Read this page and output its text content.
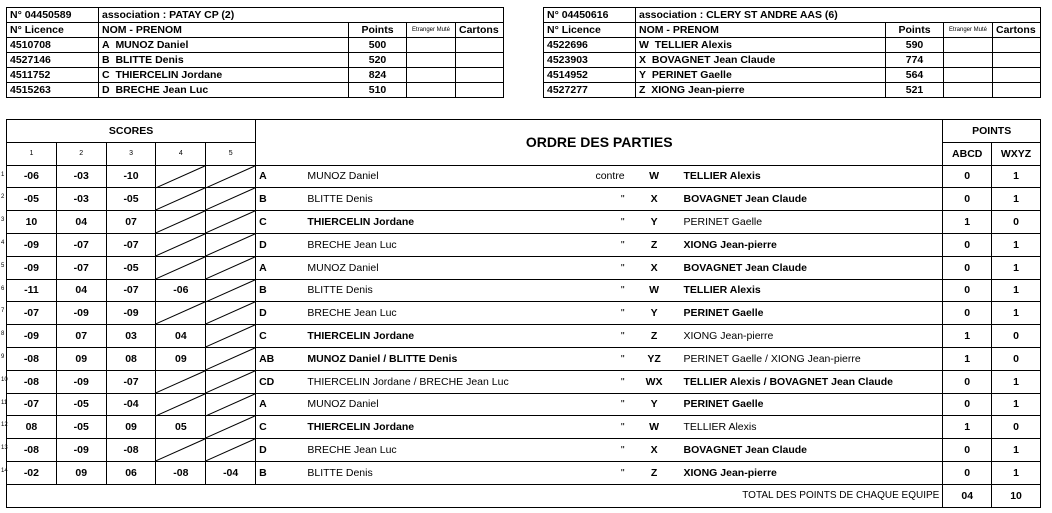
N° 04450589	association : PATAY CP (2)			
N° Licence	NOM - PRENOM	Points	Etranger Muté	Cartons
4510708	A MUNOZ Daniel	500		
4527146	B BLITTE Denis	520		
4511752	C THIERCELIN Jordane	824		
4515263	D BRECHE Jean Luc	510		
N° 04450616	association : CLERY ST ANDRE AAS (6)			
N° Licence	NOM - PRENOM	Points	Etranger Muté	Cartons
4522696	W TELLIER Alexis	590		
4523903	X BOVAGNET Jean Claude	774		
4514952	Y PERINET Gaelle	564		
4527277	Z XIONG Jean-pierre	521		
SCORES					ORDRE DES PARTIES					POINTS	
1	2	3	4	5						ABCD	WXYZ

1 -06	-03	-10			A	MUNOZ Daniel	contre	W	TELLIER Alexis	0	1

2 -05	-03	-05			B	BLITTE Denis	"	X	BOVAGNET Jean Claude	0	1

3 10	04	07			C	THIERCELIN Jordane	"	Y	PERINET Gaelle	1	0

4 -09	-07	-07			D	BRECHE Jean Luc	"	Z	XIONG Jean-pierre	0	1

5 -09	-07	-05			A	MUNOZ Daniel	"	X	BOVAGNET Jean Claude	0	1

6 -11	04	-07	-06		B	BLITTE Denis	"	W	TELLIER Alexis	0	1

7 -07	-09	-09			D	BRECHE Jean Luc	"	Y	PERINET Gaelle	0	1

8 -09	07	03	04		C	THIERCELIN Jordane	"	Z	XIONG Jean-pierre	1	0

9 -08	09	08	09		AB	MUNOZ Daniel / BLITTE Denis	"	YZ	PERINET Gaelle / XIONG Jean-pierre	1	0

10 -08	-09	-07			CD	THIERCELIN Jordane / BRECHE Jean Luc	"	WX	TELLIER Alexis / BOVAGNET Jean Claude	0	1

11 -07	-05	-04			A	MUNOZ Daniel	"	Y	PERINET Gaelle	0	1

12 08	-05	09	05		C	THIERCELIN Jordane	"	W	TELLIER Alexis	1	0

13 -08	-09	-08			D	BRECHE Jean Luc	"	X	BOVAGNET Jean Claude	0	1

14 -02	09	06	-08	-04	B	BLITTE Denis	"	Z	XIONG Jean-pierre	0	1
TOTAL DES POINTS DE CHAQUE EQUIPE										04	10
